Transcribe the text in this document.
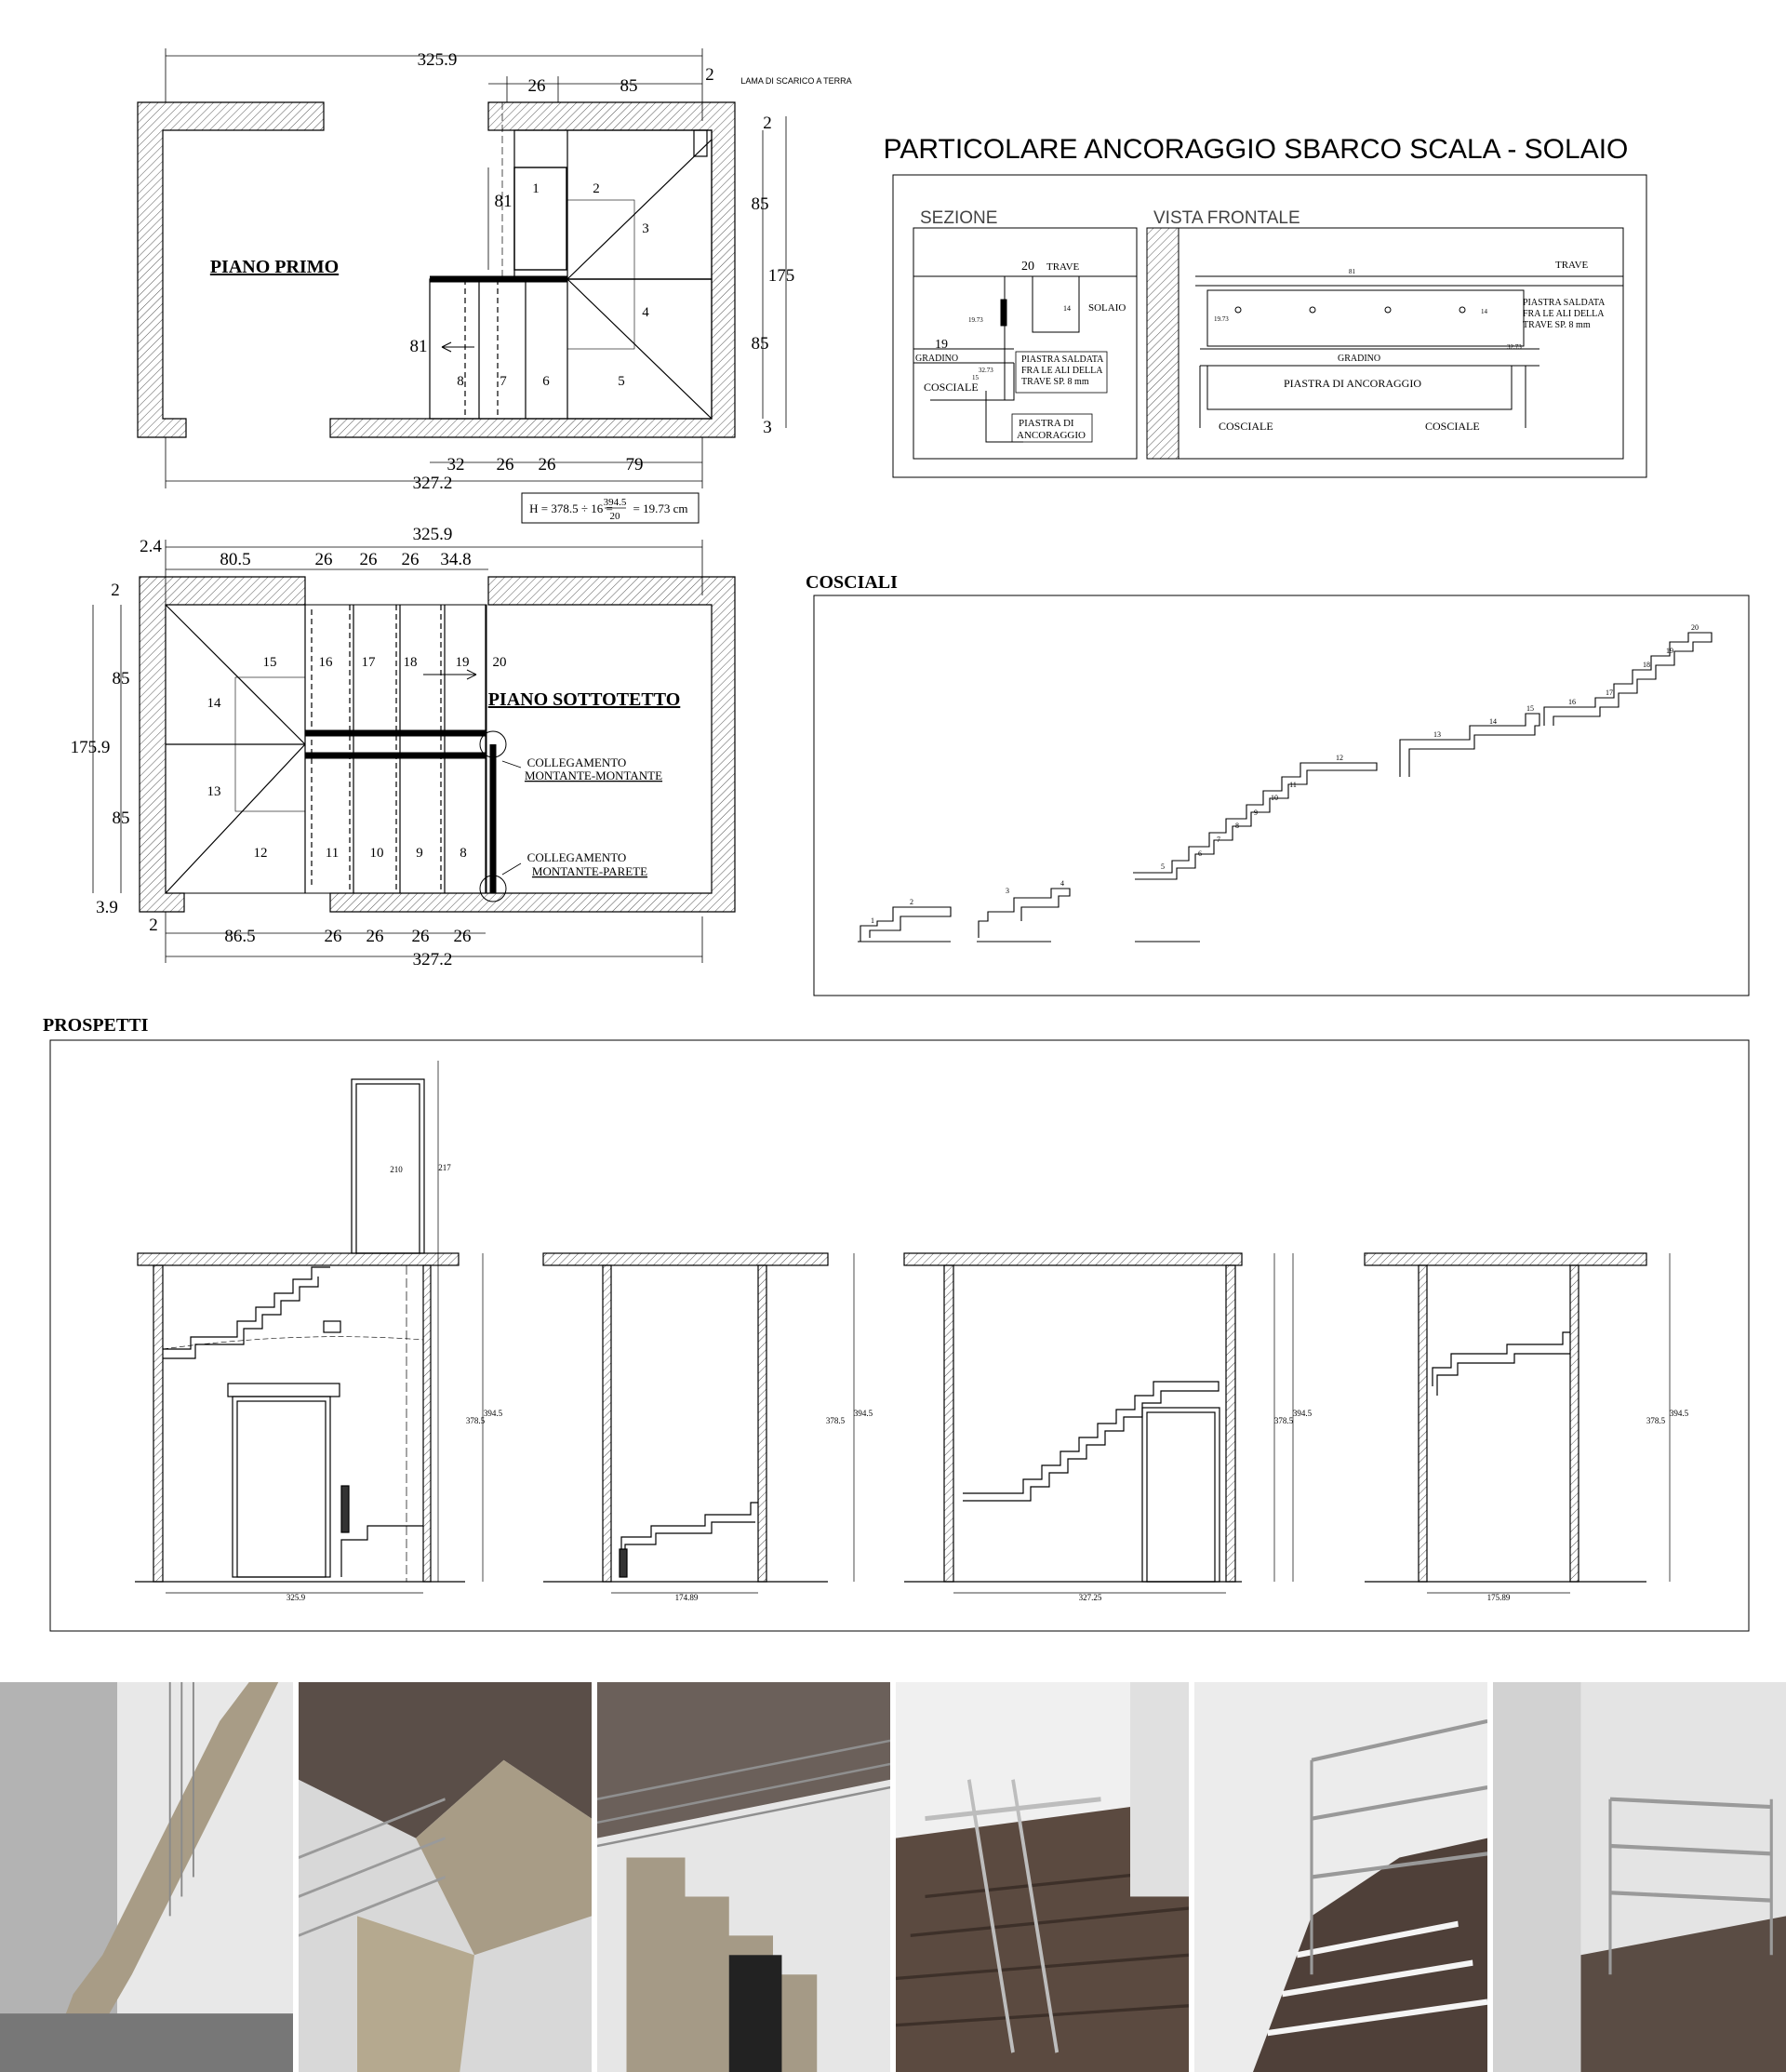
PIANO PRIMO
325.9
26	85
2
2
85
175
85
3
81
81
32 26 26	79
327.2
1	2
3
4
5
6
7
8
LAMA DI SCARICO A TERRA
H = 378.5 ÷ 16 =
394.5
20
= 19.73 cm
PIANO SOTTOTETTO
2.4
325.9
80.5	26 26 26 34.8
2
85
175.9
85
3.9
2
86.5	26 26 26 26
327.2
8
9
10
11
12
13
14
15	16 17 18	19 20
COLLEGAMENTO
MONTANTE-MONTANTE
COLLEGAMENTO
MONTANTE-PARETE
PARTICOLARE ANCORAGGIO SBARCO SCALA - SOLAIO
SEZIONE
TRAVE
SOLAIO
20
19
14
19.73
32.73
15
GRADINO
COSCIALE
PIASTRA SALDATA
FRA LE ALI DELLA
TRAVE SP. 8 mm
PIASTRA DI
ANCORAGGIO
VISTA FRONTALE
TRAVE
81
19.73
14
32.73
PIASTRA SALDATA
FRA LE ALI DELLA
TRAVE SP. 8 mm
GRADINO
PIASTRA DI ANCORAGGIO
COSCIALE	COSCIALE
COSCIALI
1
2
3
4
5
6
7
8
9
10
11
12
13
14
15
16
17
18
19
20
PROSPETTI
217
210
378.5
394.5
325.9
378.5
394.5
174.89
378.5
394.5
327.25
378.5
394.5
175.89
